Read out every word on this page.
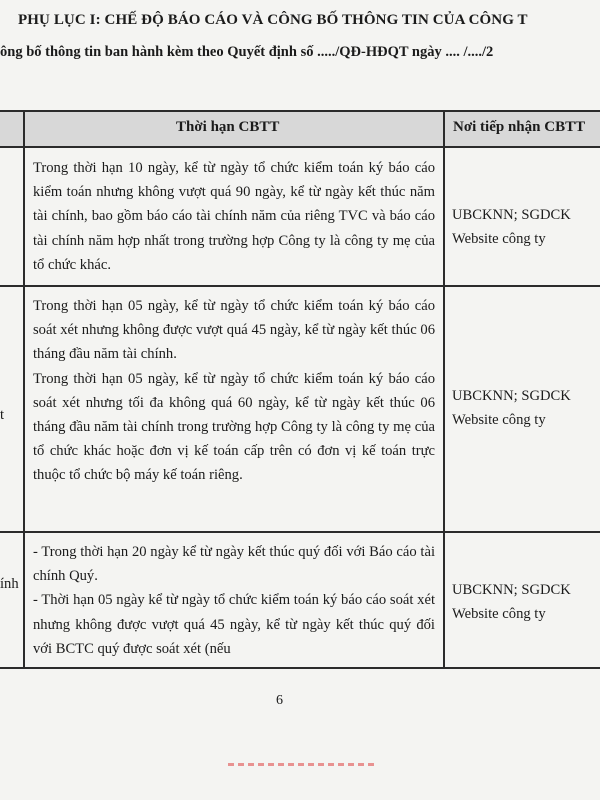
PHỤ LỤC I: CHẾ ĐỘ BÁO CÁO VÀ CÔNG BỐ THÔNG TIN CỦA CÔNG T
ông bố thông tin ban hành kèm theo Quyết định số ...../QĐ-HĐQT ngày .... /..../2
Thời hạn CBTT	Nơi tiếp nhận CBTT

Trong thời hạn 10 ngày, kể từ ngày tổ chức kiểm toán ký báo cáo kiểm toán nhưng không vượt quá 90 ngày, kể từ ngày kết thúc năm tài chính, bao gồm báo cáo tài chính năm của riêng TVC và báo cáo tài chính năm hợp nhất trong trường hợp Công ty là công ty mẹ của tổ chức khác.

UBCKNN; SGDCK
Website công ty
t

Trong thời hạn 05 ngày, kể từ ngày tổ chức kiểm toán ký báo cáo soát xét nhưng không được vượt quá 45 ngày, kể từ ngày kết thúc 06 tháng đầu năm tài chính.

Trong thời hạn 05 ngày, kể từ ngày tổ chức kiểm toán ký báo cáo soát xét nhưng tối đa không quá 60 ngày, kể từ ngày kết thúc 06 tháng đầu năm tài chính trong trường hợp Công ty là công ty mẹ của tổ chức khác hoặc đơn vị kế toán cấp trên có đơn vị kế toán trực thuộc tổ chức bộ máy kế toán riêng.

UBCKNN; SGDCK
Website công ty
ính

- Trong thời hạn 20 ngày kể từ ngày kết thúc quý đối với Báo cáo tài chính Quý.

- Thời hạn 05 ngày kể từ ngày tổ chức kiểm toán ký báo cáo soát xét nhưng không được vượt quá 45 ngày, kể từ ngày kết thúc quý đối với BCTC quý được soát xét (nếu

UBCKNN; SGDCK
Website công ty
6
